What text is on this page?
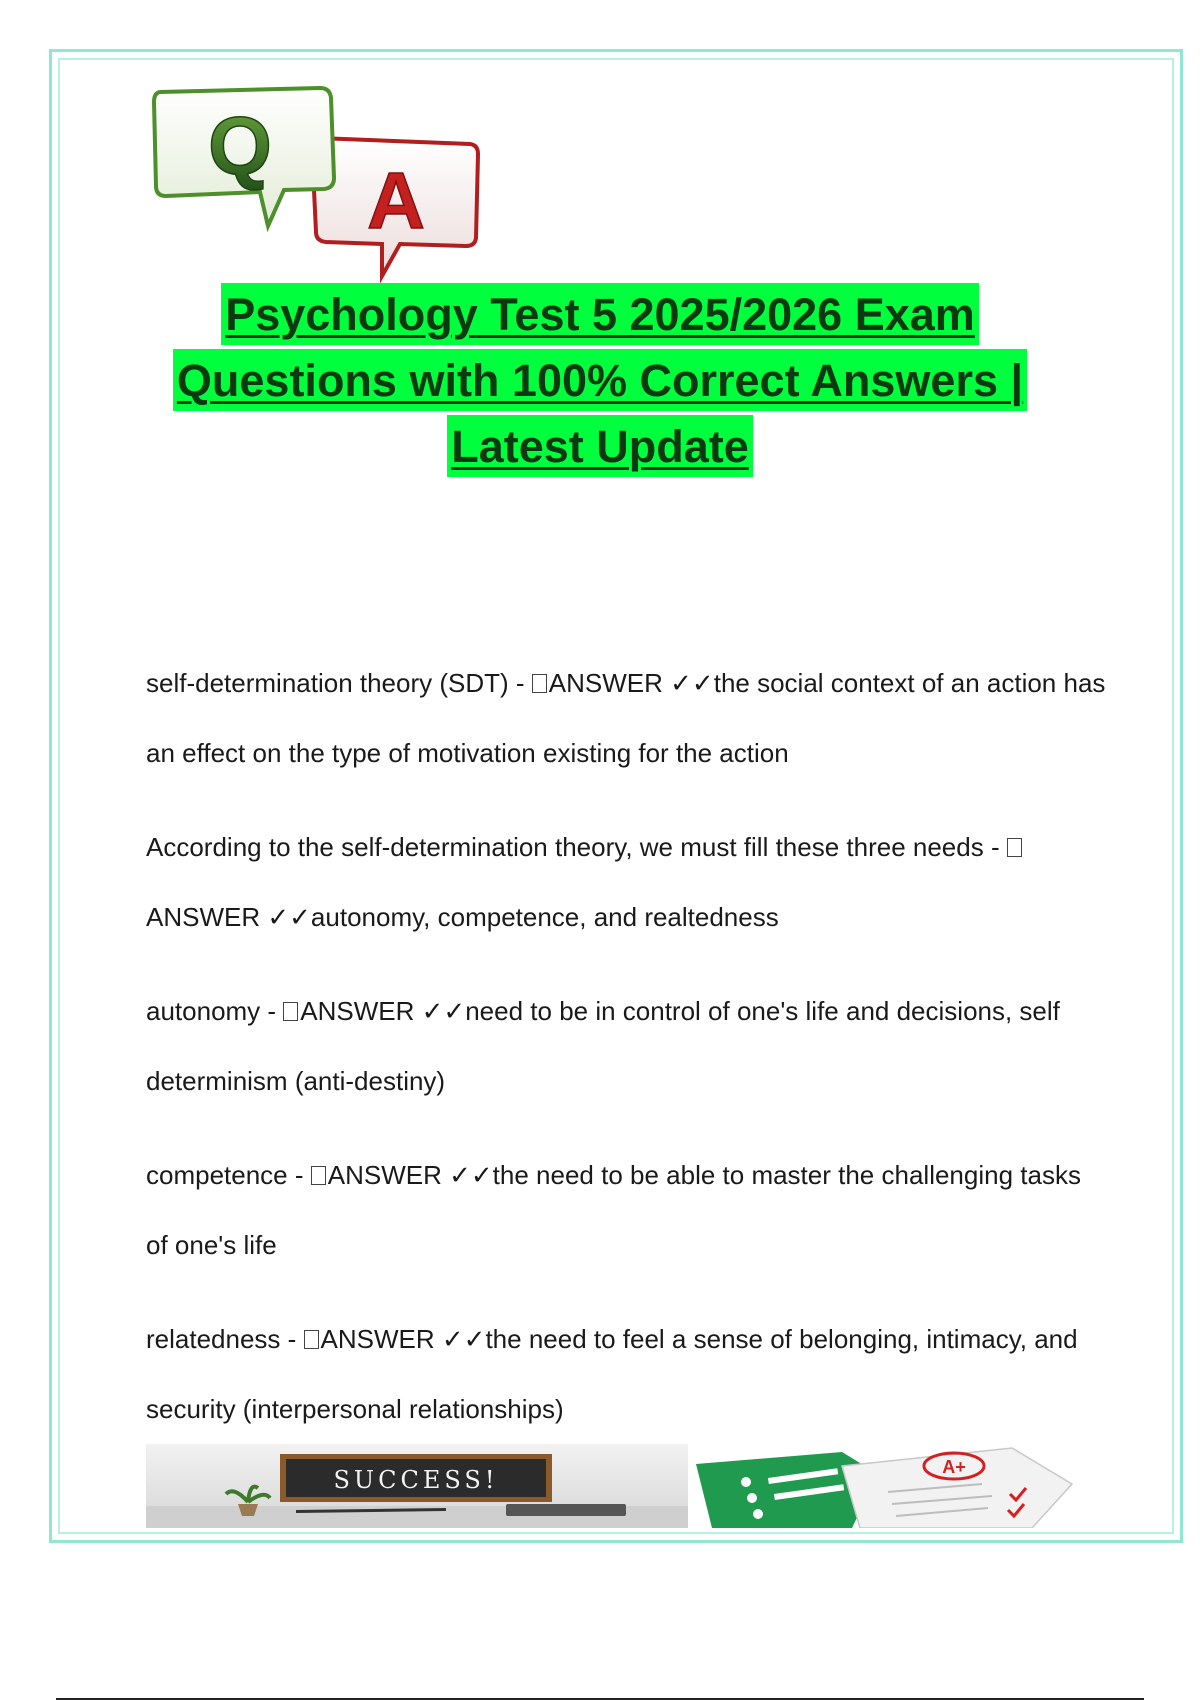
Q
A
Psychology Test 5 2025/2026 Exam
Questions with 100% Correct Answers |
Latest Update

self-determination theory (SDT) - ANSWER ✓✓the social context of an action has an effect on the type of motivation existing for the action

According to the self-determination theory, we must fill these three needs - ANSWER ✓✓autonomy, competence, and realtedness

autonomy - ANSWER ✓✓need to be in control of one's life and decisions, self determinism (anti-destiny)

competence - ANSWER ✓✓the need to be able to master the challenging tasks of one's life

relatedness - ANSWER ✓✓the need to feel a sense of belonging, intimacy, and security (interpersonal relationships)

SUCCESS!	A+
